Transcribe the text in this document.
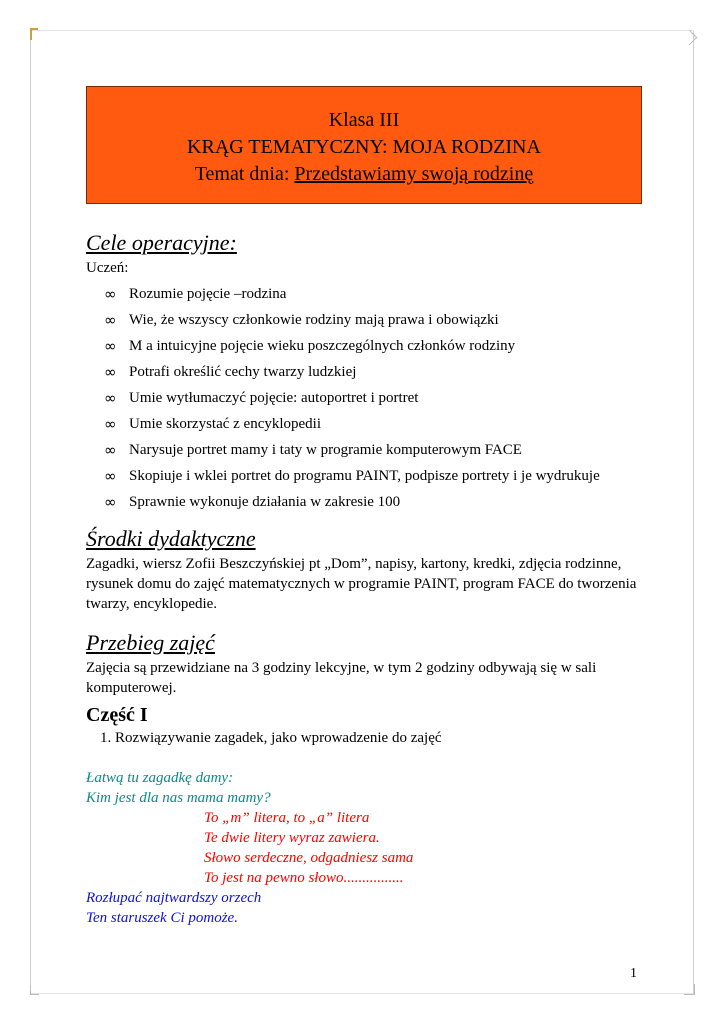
Klasa III
KRĄG TEMATYCZNY: MOJA RODZINA
Temat dnia: Przedstawiamy swoją rodzinę

Cele operacyjne:

Uczeń:

∞ Rozumie pojęcie –rodzina
∞ Wie, że wszyscy członkowie rodziny mają prawa i obowiązki
∞ M a intuicyjne pojęcie wieku poszczególnych członków rodziny
∞ Potrafi określić cechy twarzy ludzkiej
∞ Umie wytłumaczyć pojęcie: autoportret i portret
∞ Umie skorzystać z encyklopedii
∞ Narysuje portret mamy i taty w programie komputerowym FACE
∞ Skopiuje i wklei portret do programu PAINT, podpisze portrety i je wydrukuje
∞ Sprawnie wykonuje działania w zakresie 100

Środki dydaktyczne

Zagadki, wiersz Zofii Beszczyńskiej pt „Dom”, napisy, kartony, kredki, zdjęcia rodzinne, rysunek domu do zajęć matematycznych w programie PAINT, program FACE do tworzenia twarzy, encyklopedie.

Przebieg zajęć

Zajęcia są przewidziane na 3 godziny lekcyjne, w tym 2 godziny odbywają się w sali komputerowej.

Część I

1. Rozwiązywanie zagadek, jako wprowadzenie do zajęć

Łatwą tu zagadkę damy:
Kim jest dla nas mama mamy?
To „m” litera, to „a” litera
Te dwie litery wyraz zawiera.
Słowo serdeczne, odgadniesz sama
To jest na pewno słowo................
Rozłupać najtwardszy orzech
Ten staruszek Ci pomoże.
1
